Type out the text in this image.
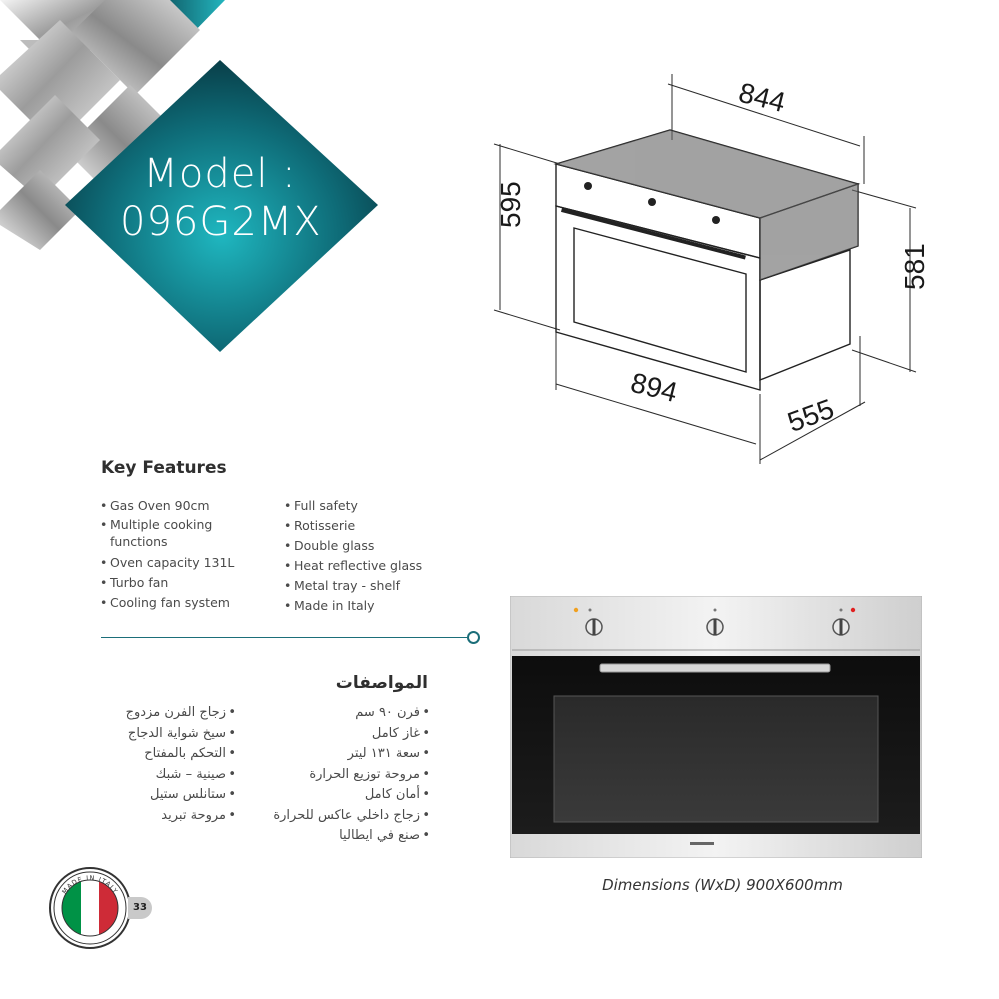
Model :
096G2MX
844
595
581
894
555
Key Features
• Gas Oven 90cm
• Multiple cooking functions
• Oven capacity 131L
• Turbo fan
• Cooling fan system
• Full safety
• Rotisserie
• Double glass
• Heat reflective glass
• Metal tray - shelf
• Made in Italy
المواصفات
• فرن ٩٠ سم
• غاز كامل
• سعة ١٣١ ليتر
• مروحة توزيع الحرارة
• أمان كامل
• زجاج داخلي عاكس للحرارة
• صنع في ايطاليا
• زجاج الفرن مزدوج
• سيخ شواية الدجاج
• التحكم بالمفتاح
• صينية – شبك
• ستانلس ستيل
• مروحة تبريد
Dimensions (WxD) 900X600mm
MADE IN ITALY
33
